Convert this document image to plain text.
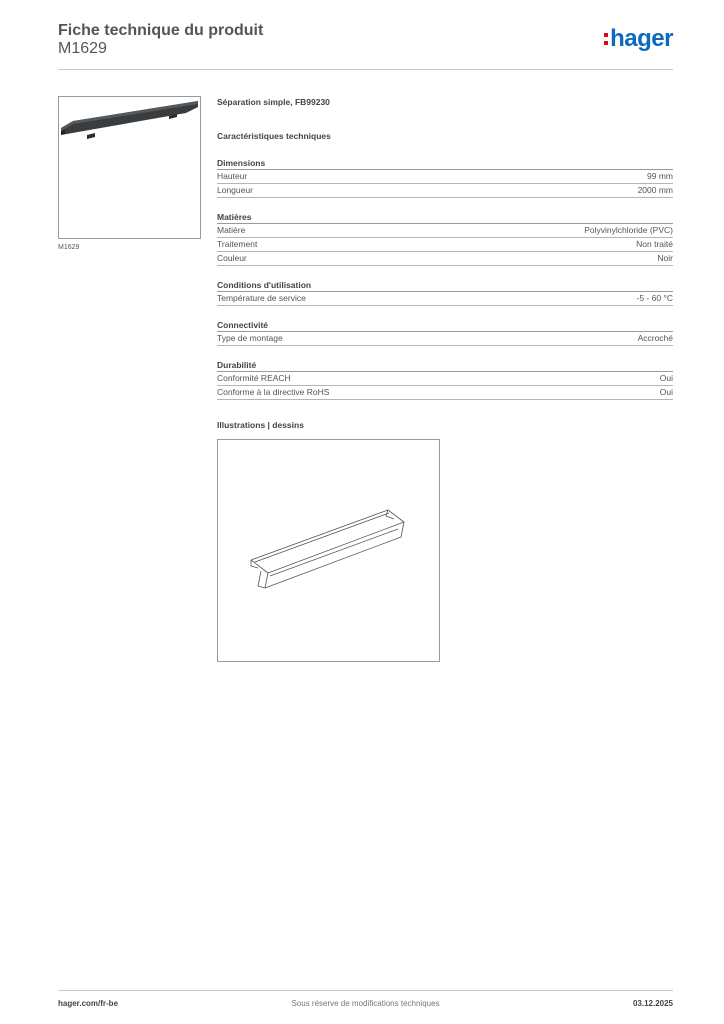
Fiche technique du produit
M1629	hager
M1629
Séparation simple, FB99230
Caractéristiques techniques
Dimensions
Hauteur	99 mm
Longueur	2000 mm
Matières
Matière	Polyvinylchloride (PVC)
Traitement	Non traité
Couleur	Noir
Conditions d'utilisation
Température de service	-5 - 60 °C
Connectivité
Type de montage	Accroché
Durabilité
Conformité REACH	Oui
Conforme à la directive RoHS	Oui
Illustrations | dessins
hager.com/fr-be	Sous réserve de modifications techniques	03.12.2025
